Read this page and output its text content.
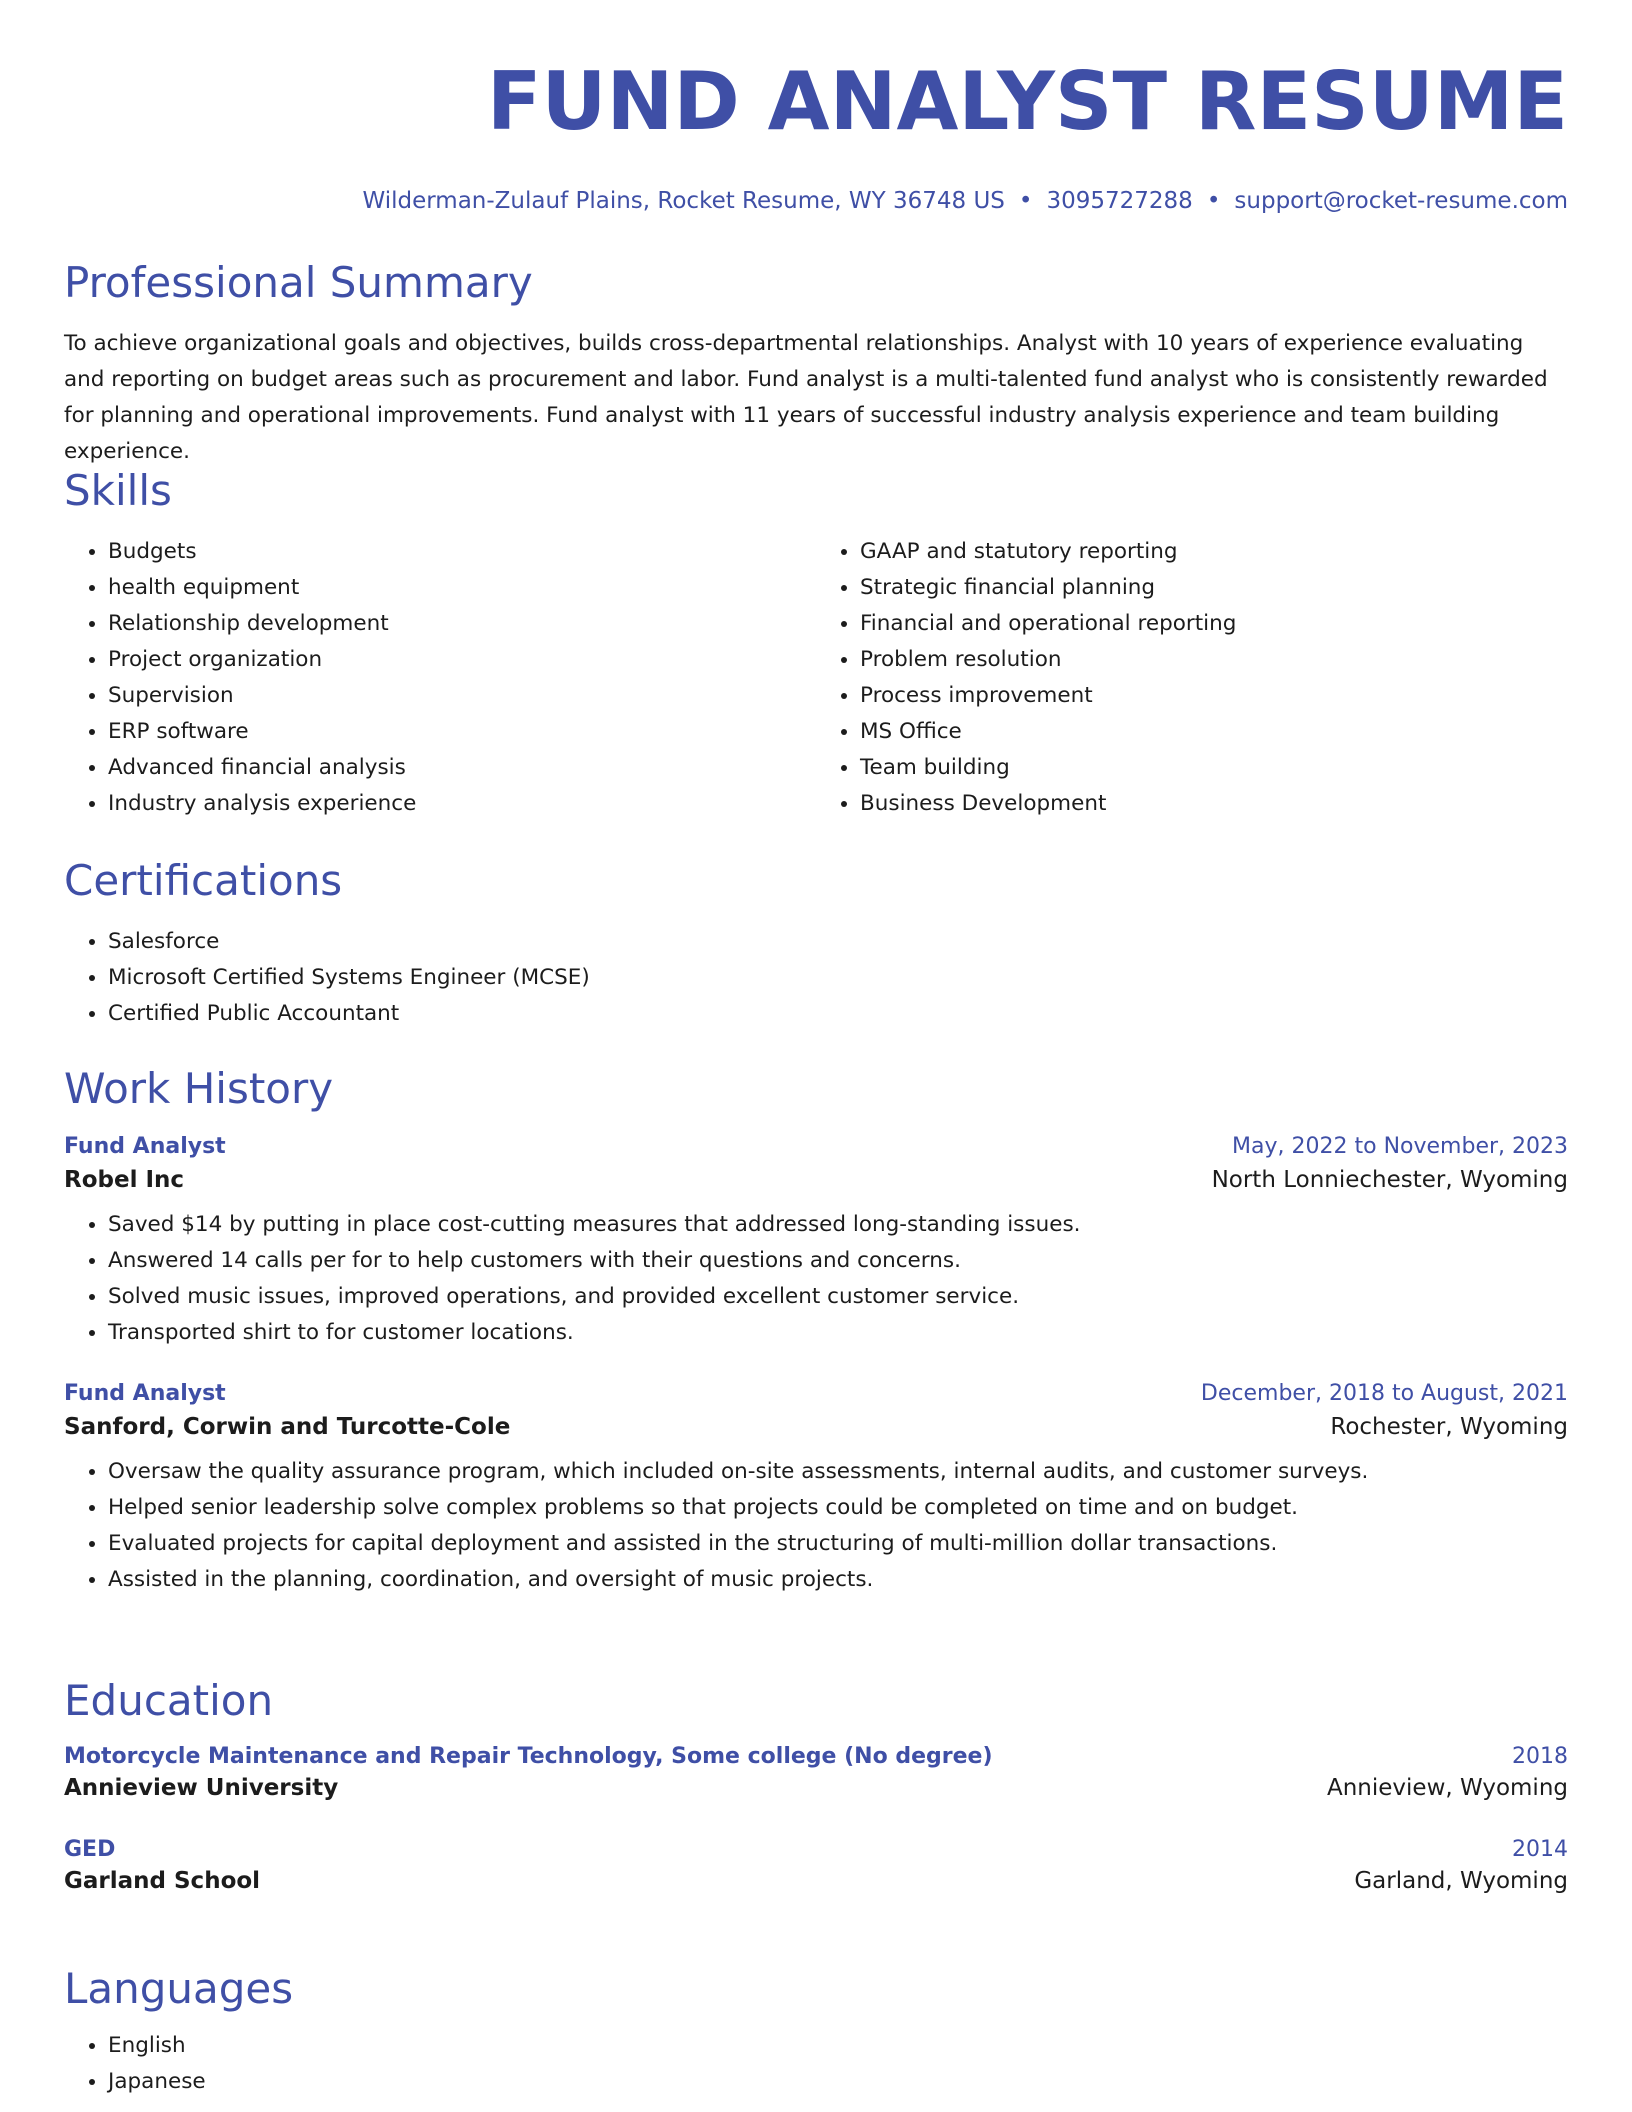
FUND ANALYST RESUME
Wilderman-Zulauf Plains, Rocket Resume, WY 36748 US • 3095727288 • support@rocket-resume.com
Professional Summary

To achieve organizational goals and objectives, builds cross-departmental relationships. Analyst with 10 years of experience evaluating and reporting on budget areas such as procurement and labor. Fund analyst is a multi-talented fund analyst who is consistently rewarded for planning and operational improvements. Fund analyst with 11 years of successful industry analysis experience and team building experience.

Skills
• Budgets
• health equipment
• Relationship development
• Project organization
• Supervision
• ERP software
• Advanced financial analysis
• Industry analysis experience
• GAAP and statutory reporting
• Strategic financial planning
• Financial and operational reporting
• Problem resolution
• Process improvement
• MS Office
• Team building
• Business Development
Certifications
• Salesforce
• Microsoft Certified Systems Engineer (MCSE)
• Certified Public Accountant
Work History
Fund Analyst	May, 2022 to November, 2023
Robel Inc	North Lonniechester, Wyoming
• Saved $14 by putting in place cost-cutting measures that addressed long-standing issues.
• Answered 14 calls per for to help customers with their questions and concerns.
• Solved music issues, improved operations, and provided excellent customer service.
• Transported shirt to for customer locations.
Fund Analyst	December, 2018 to August, 2021
Sanford, Corwin and Turcotte-Cole	Rochester, Wyoming
• Oversaw the quality assurance program, which included on-site assessments, internal audits, and customer surveys.
• Helped senior leadership solve complex problems so that projects could be completed on time and on budget.
• Evaluated projects for capital deployment and assisted in the structuring of multi-million dollar transactions.
• Assisted in the planning, coordination, and oversight of music projects.
Education
Motorcycle Maintenance and Repair Technology, Some college (No degree)	2018
Annieview University	Annieview, Wyoming
GED	2014
Garland School	Garland, Wyoming
Languages
• English
• Japanese
